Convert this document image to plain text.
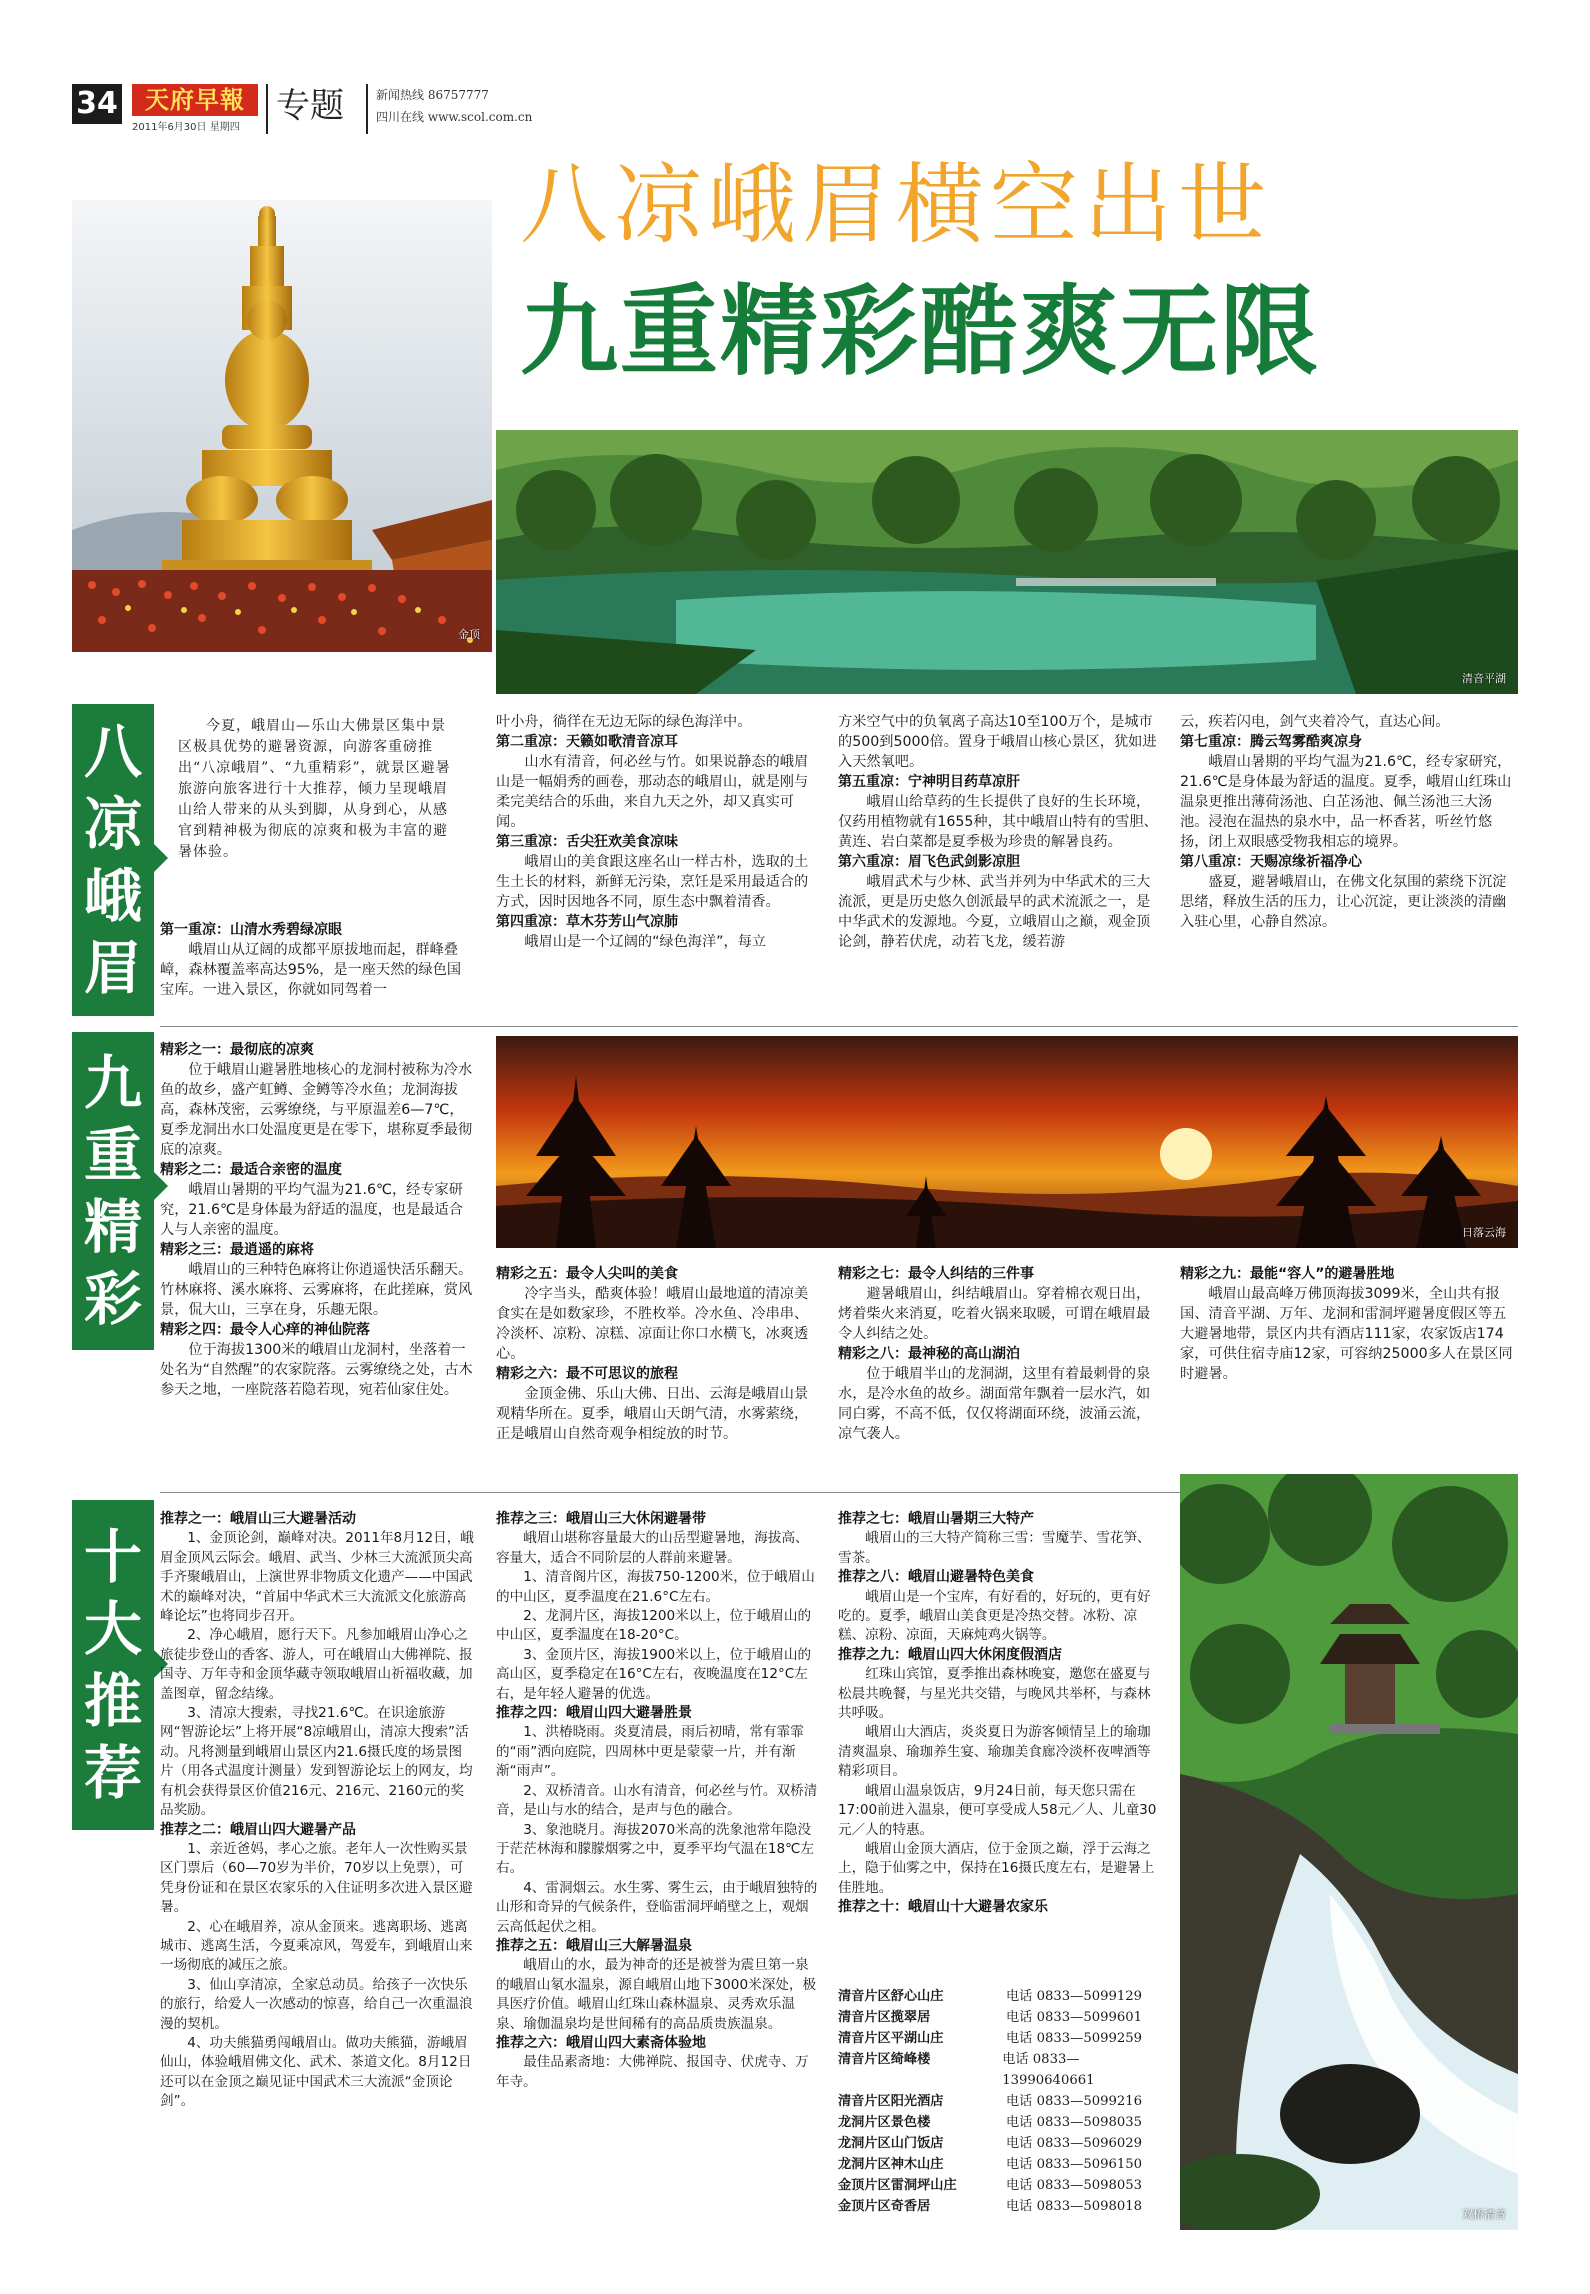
34	天府早報
2011年6月30日 星期四
专题	新闻热线 86757777
四川在线 www.scol.com.cn
八凉峨眉横空出世
九重精彩酷爽无限
金顶
清音平湖
八
凉
峨
眉
今夏，峨眉山—乐山大佛景区集中景区极具优势的避暑资源，向游客重磅推出“八凉峨眉”、“九重精彩”，就景区避暑旅游向旅客进行十大推荐，倾力呈现峨眉山给人带来的从头到脚，从身到心，从感官到精神极为彻底的凉爽和极为丰富的避暑体验。
第一重凉：山清水秀碧绿凉眼

峨眉山从辽阔的成都平原拔地而起，群峰叠嶂，森林覆盖率高达95%，是一座天然的绿色国宝库。一进入景区，你就如同驾着一

叶小舟，徜徉在无边无际的绿色海洋中。

第二重凉：天籁如歌清音凉耳

山水有清音，何必丝与竹。如果说静态的峨眉山是一幅娟秀的画卷，那动态的峨眉山，就是刚与柔完美结合的乐曲，来自九天之外，却又真实可闻。

第三重凉：舌尖狂欢美食凉味

峨眉山的美食跟这座名山一样古朴，选取的土生土长的材料，新鲜无污染，烹饪是采用最适合的方式，因时因地各不同，原生态中飘着清香。

第四重凉：草木芬芳山气凉肺

峨眉山是一个辽阔的“绿色海洋”，每立

方米空气中的负氧离子高达10至100万个，是城市的500到5000倍。置身于峨眉山核心景区，犹如进入天然氧吧。

第五重凉：宁神明目药草凉肝

峨眉山给草药的生长提供了良好的生长环境，仅药用植物就有1655种，其中峨眉山特有的雪胆、黄连、岩白菜都是夏季极为珍贵的解暑良药。

第六重凉：眉飞色武剑影凉胆

峨眉武术与少林、武当并列为中华武术的三大流派，更是历史悠久创派最早的武术流派之一，是中华武术的发源地。今夏，立峨眉山之巅，观金顶论剑，静若伏虎，动若飞龙，缓若游

云，疾若闪电，剑气夹着冷气，直达心间。

第七重凉：腾云驾雾酷爽凉身

峨眉山暑期的平均气温为21.6℃，经专家研究，21.6℃是身体最为舒适的温度。夏季，峨眉山红珠山温泉更推出薄荷汤池、白芷汤池、佩兰汤池三大汤池。浸泡在温热的泉水中，品一杯香茗，听丝竹悠扬，闭上双眼感受物我相忘的境界。

第八重凉：天赐凉缘祈福净心

盛夏，避暑峨眉山，在佛文化氛围的萦绕下沉淀思绪，释放生活的压力，让心沉淀，更让淡淡的清幽入驻心里，心静自然凉。

九
重
精
彩
日落云海
精彩之一：最彻底的凉爽

位于峨眉山避暑胜地核心的龙洞村被称为冷水鱼的故乡，盛产虹鳟、金鳟等冷水鱼；龙洞海拔高，森林茂密，云雾缭绕，与平原温差6—7℃，夏季龙洞出水口处温度更是在零下，堪称夏季最彻底的凉爽。

精彩之二：最适合亲密的温度

峨眉山暑期的平均气温为21.6℃，经专家研究，21.6℃是身体最为舒适的温度，也是最适合人与人亲密的温度。

精彩之三：最逍遥的麻将

峨眉山的三种特色麻将让你逍遥快活乐翻天。竹林麻将、溪水麻将、云雾麻将，在此搓麻，赏风景，侃大山，三享在身，乐趣无限。

精彩之四：最令人心痒的神仙院落

位于海拔1300米的峨眉山龙洞村，坐落着一处名为“自然醒”的农家院落。云雾缭绕之处，古木参天之地，一座院落若隐若现，宛若仙家住处。

精彩之五：最令人尖叫的美食

冷字当头，酷爽体验！峨眉山最地道的清凉美食实在是如数家珍，不胜枚举。冷水鱼、冷串串、冷淡杯、凉粉、凉糕、凉面让你口水横飞，冰爽透心。

精彩之六：最不可思议的旅程

金顶金佛、乐山大佛、日出、云海是峨眉山景观精华所在。夏季，峨眉山天朗气清，水雾萦绕，正是峨眉山自然奇观争相绽放的时节。

精彩之七：最令人纠结的三件事

避暑峨眉山，纠结峨眉山。穿着棉衣观日出，烤着柴火来消夏，吃着火锅来取暖，可谓在峨眉最令人纠结之处。

精彩之八：最神秘的高山湖泊

位于峨眉半山的龙洞湖，这里有着最刺骨的泉水，是冷水鱼的故乡。湖面常年飘着一层水汽，如同白雾，不高不低，仅仅将湖面环绕，波涌云流，凉气袭人。

精彩之九：最能“容人”的避暑胜地

峨眉山最高峰万佛顶海拔3099米，全山共有报国、清音平湖、万年、龙洞和雷洞坪避暑度假区等五大避暑地带，景区内共有酒店111家，农家饭店174家，可供住宿寺庙12家，可容纳25000多人在景区同时避暑。

十
大
推
荐
推荐之一：峨眉山三大避暑活动

1、金顶论剑，巅峰对决。2011年8月12日，峨眉金顶风云际会。峨眉、武当、少林三大流派顶尖高手齐聚峨眉山，上演世界非物质文化遗产——中国武术的巅峰对决，“首届中华武术三大流派文化旅游高峰论坛”也将同步召开。

2、净心峨眉，愿行天下。凡参加峨眉山净心之旅徒步登山的香客、游人，可在峨眉山大佛禅院、报国寺、万年寺和金顶华藏寺领取峨眉山祈福收藏，加盖图章，留念结缘。

3、清凉大搜索，寻找21.6℃。在识途旅游网“智游论坛”上将开展“8凉峨眉山，清凉大搜索”活动。凡将测量到峨眉山景区内21.6摄氏度的场景图片（用各式温度计测量）发到智游论坛上的网友，均有机会获得景区价值216元、216元、2160元的奖品奖励。

推荐之二：峨眉山四大避暑产品

1、亲近爸妈，孝心之旅。老年人一次性购买景区门票后（60—70岁为半价，70岁以上免票），可凭身份证和在景区农家乐的入住证明多次进入景区避暑。

2、心在峨眉养，凉从金顶来。逃离职场、逃离城市、逃离生活，今夏乘凉风，驾爱车，到峨眉山来一场彻底的减压之旅。

3、仙山享清凉，全家总动员。给孩子一次快乐的旅行，给爱人一次感动的惊喜，给自己一次重温浪漫的契机。

4、功夫熊猫勇闯峨眉山。做功夫熊猫，游峨眉仙山，体验峨眉佛文化、武术、茶道文化。8月12日还可以在金顶之巅见证中国武术三大流派“金顶论剑”。

推荐之三：峨眉山三大休闲避暑带

峨眉山堪称容量最大的山岳型避暑地，海拔高、容量大，适合不同阶层的人群前来避暑。

1、清音阁片区，海拔750-1200米，位于峨眉山的中山区，夏季温度在21.6°C左右。

2、龙洞片区，海拔1200米以上，位于峨眉山的中山区，夏季温度在18-20°C。

3、金顶片区，海拔1900米以上，位于峨眉山的高山区，夏季稳定在16°C左右，夜晚温度在12°C左右，是年轻人避暑的优选。

推荐之四：峨眉山四大避暑胜景

1、洪椿晓雨。炎夏清晨，雨后初晴，常有霏霏的“雨”洒向庭院，四周林中更是蒙蒙一片，并有渐渐“雨声”。

2、双桥清音。山水有清音，何必丝与竹。双桥清音，是山与水的结合，是声与色的融合。

3、象池晓月。海拔2070米高的洗象池常年隐没于茫茫林海和朦朦烟雾之中，夏季平均气温在18℃左右。

4、雷洞烟云。水生雾、雾生云，由于峨眉独特的山形和奇异的气候条件，登临雷洞坪峭壁之上，观烟云高低起伏之相。

推荐之五：峨眉山三大解暑温泉

峨眉山的水，最为神奇的还是被誉为震旦第一泉的峨眉山氡水温泉，源自峨眉山地下3000米深处，极具医疗价值。峨眉山红珠山森林温泉、灵秀欢乐温泉、瑜伽温泉均是世间稀有的高品质贵族温泉。

推荐之六：峨眉山四大素斋体验地

最佳品素斋地：大佛禅院、报国寺、伏虎寺、万年寺。

推荐之七：峨眉山暑期三大特产

峨眉山的三大特产简称三雪：雪魔芋、雪花笋、雪茶。

推荐之八：峨眉山避暑特色美食

峨眉山是一个宝库，有好看的，好玩的，更有好吃的。夏季，峨眉山美食更是冷热交替。冰粉、凉糕、凉粉、凉面，天麻炖鸡火锅等。

推荐之九：峨眉山四大休闲度假酒店

红珠山宾馆，夏季推出森林晚宴，邀您在盛夏与松晨共晚餐，与星光共交错，与晚风共举杯，与森林共呼吸。

峨眉山大酒店，炎炎夏日为游客倾情呈上的瑜珈清爽温泉、瑜珈养生宴、瑜珈美食廊冷淡杯夜啤酒等精彩项目。

峨眉山温泉饭店，9月24日前，每天您只需在17:00前进入温泉，便可享受成人58元／人、儿童30元／人的特惠。

峨眉山金顶大酒店，位于金顶之巅，浮于云海之上，隐于仙雾之中，保持在16摄氏度左右，是避暑上佳胜地。

推荐之十：峨眉山十大避暑农家乐
清音片区舒心山庄	电话 0833—5099129
清音片区揽翠居	电话 0833—5099601
清音片区平湖山庄	电话 0833—5099259
清音片区绮峰楼	电话 0833—13990640661
清音片区阳光酒店	电话 0833—5099216
龙洞片区景色楼	电话 0833—5098035
龙洞片区山门饭店	电话 0833—5096029
龙洞片区神木山庄	电话 0833—5096150
金顶片区雷洞坪山庄	电话 0833—5098053
金顶片区奇香居	电话 0833—5098018
双桥清音
